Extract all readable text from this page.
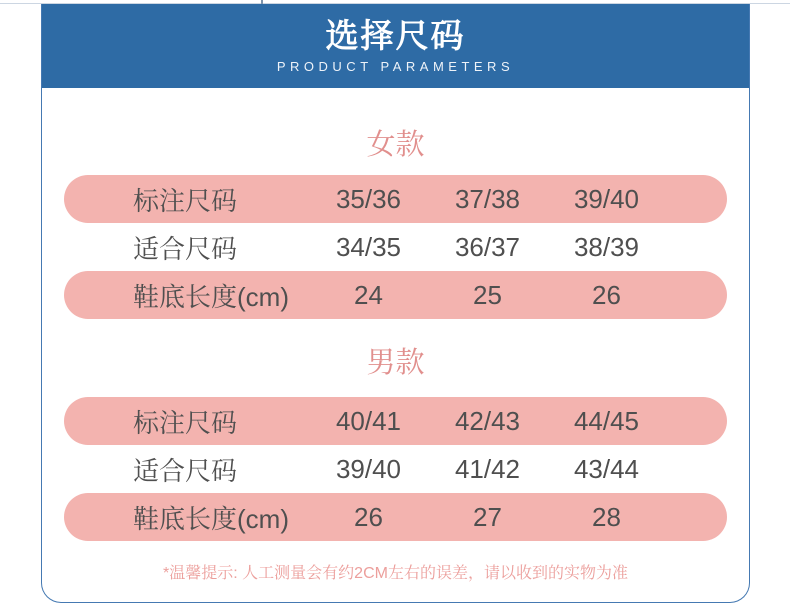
选择尺码
PRODUCT PARAMETERS
女款
标注尺码	35/36	37/38	39/40
适合尺码	34/35	36/37	38/39
鞋底长度(cm)	24	25	26
男款
标注尺码	40/41	42/43	44/45
适合尺码	39/40	41/42	43/44
鞋底长度(cm)	26	27	28
*温馨提示: 人工测量会有约2CM左右的误差，请以收到的实物为准
